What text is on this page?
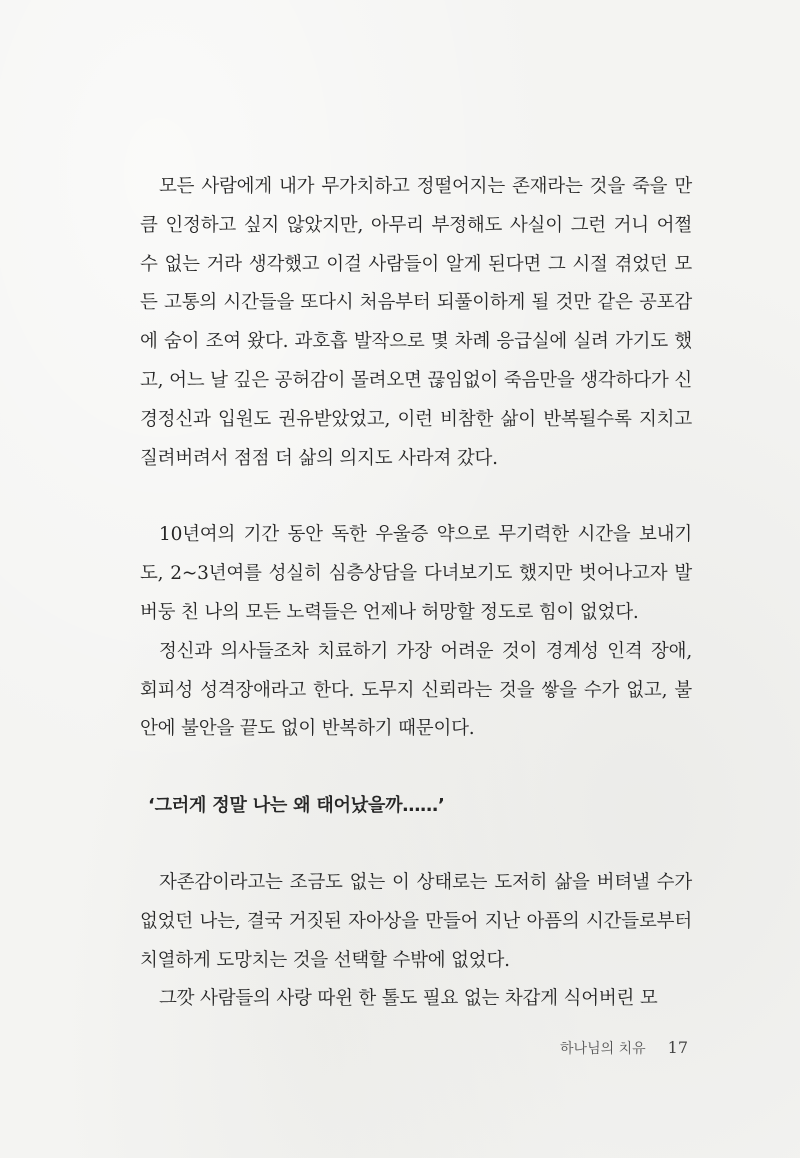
모든 사람에게 내가 무가치하고 정떨어지는 존재라는 것을 죽을 만큼 인정하고 싶지 않았지만, 아무리 부정해도 사실이 그런 거니 어쩔 수 없는 거라 생각했고 이걸 사람들이 알게 된다면 그 시절 겪었던 모든 고통의 시간들을 또다시 처음부터 되풀이하게 될 것만 같은 공포감에 숨이 조여 왔다. 과호흡 발작으로 몇 차례 응급실에 실려 가기도 했고, 어느 날 깊은 공허감이 몰려오면 끊임없이 죽음만을 생각하다가 신경정신과 입원도 권유받았었고, 이런 비참한 삶이 반복될수록 지치고 질려버려서 점점 더 삶의 의지도 사라져 갔다.

10년여의 기간 동안 독한 우울증 약으로 무기력한 시간을 보내기도, 2~3년여를 성실히 심층상담을 다녀보기도 했지만 벗어나고자 발버둥 친 나의 모든 노력들은 언제나 허망할 정도로 힘이 없었다.

정신과 의사들조차 치료하기 가장 어려운 것이 경계성 인격 장애, 회피성 성격장애라고 한다. 도무지 신뢰라는 것을 쌓을 수가 없고, 불안에 불안을 끝도 없이 반복하기 때문이다.

‘그러게 정말 나는 왜 태어났을까……’

자존감이라고는 조금도 없는 이 상태로는 도저히 삶을 버텨낼 수가 없었던 나는, 결국 거짓된 자아상을 만들어 지난 아픔의 시간들로부터 치열하게 도망치는 것을 선택할 수밖에 없었다.

그깟 사람들의 사랑 따윈 한 톨도 필요 없는 차갑게 식어버린 모

하나님의 치유 17
